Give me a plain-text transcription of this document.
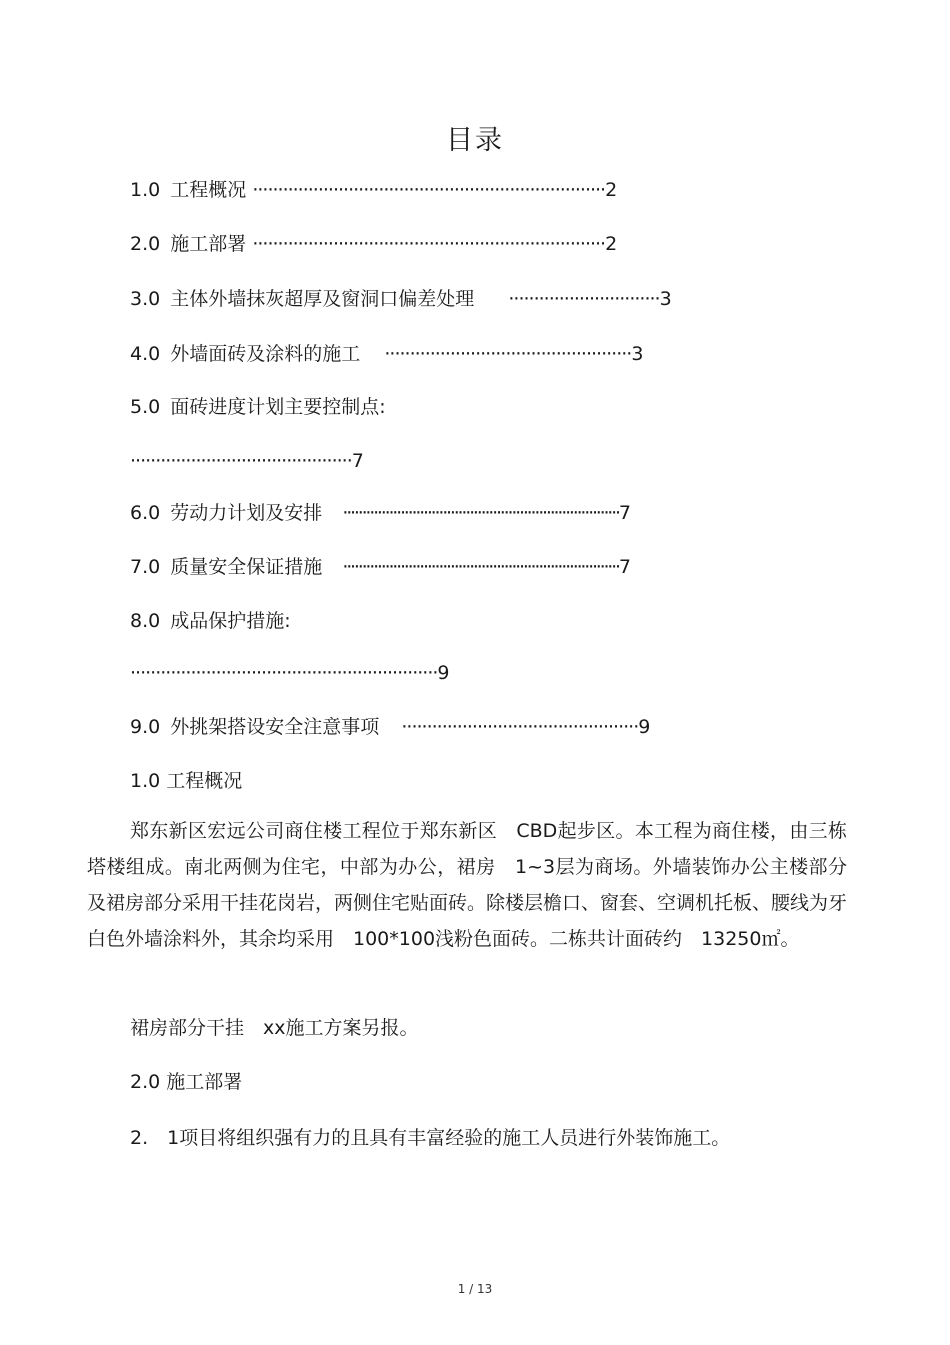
目录
1.0 工程概况 ······································································2
2.0 施工部署 ······································································2
3.0 主体外墙抹灰超厚及窗洞口偏差处理 ······························3
4.0 外墙面砖及涂料的施工 ·················································3
5.0 面砖进度计划主要控制点:
············································7
6.0 劳动力计划及安排 ········································································7
7.0 质量安全保证措施 ········································································7
8.0 成品保护措施:
·····························································9
9.0 外挑架搭设安全注意事项 ···············································9
1.0 工程概况

郑东新区宏远公司商住楼工程位于郑东新区　CBD起步区。本工程为商住楼，由三栋塔楼组成。南北两侧为住宅，中部为办公，裙房　1~3层为商场。外墙装饰办公主楼部分及裙房部分采用干挂花岗岩，两侧住宅贴面砖。除楼层檐口、窗套、空调机托板、腰线为牙白色外墙涂料外，其余均采用　100*100浅粉色面砖。二栋共计面砖约　13250㎡。

裙房部分干挂　xx施工方案另报。
2.0 施工部署
2.　1项目将组织强有力的且具有丰富经验的施工人员进行外装饰施工。
1 / 13
